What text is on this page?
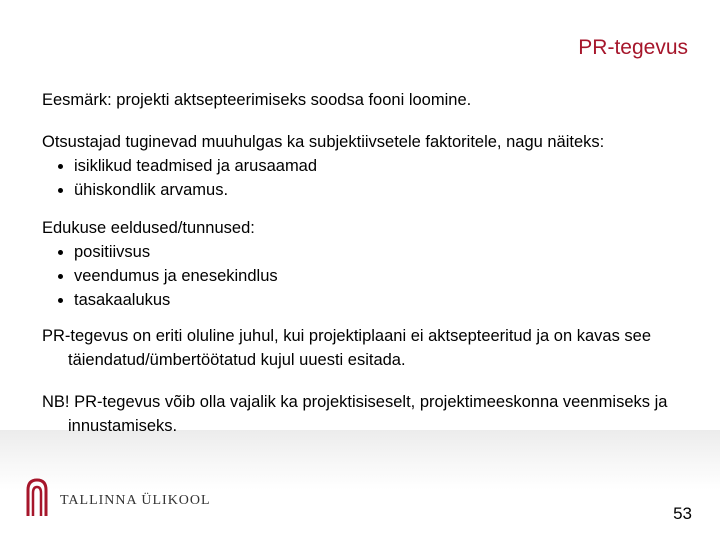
PR-tegevus

Eesmärk: projekti aktsepteerimiseks soodsa fooni loomine.

Otsustajad tuginevad muuhulgas ka subjektiivsetele faktoritele, nagu näiteks:

isiklikud teadmised ja arusaamad
ühiskondlik arvamus.

Edukuse eeldused/tunnused:

positiivsus
veendumus ja enesekindlus
tasakaalukus

PR-tegevus on eriti oluline juhul, kui projektiplaani ei aktsepteeritud ja on kavas see täiendatud/ümbertöötatud kujul uuesti esitada.

NB! PR-tegevus võib olla vajalik ka projektisiseselt, projektimeeskonna veenmiseks ja innustamiseks.

TALLINNA ÜLIKOOL
53
